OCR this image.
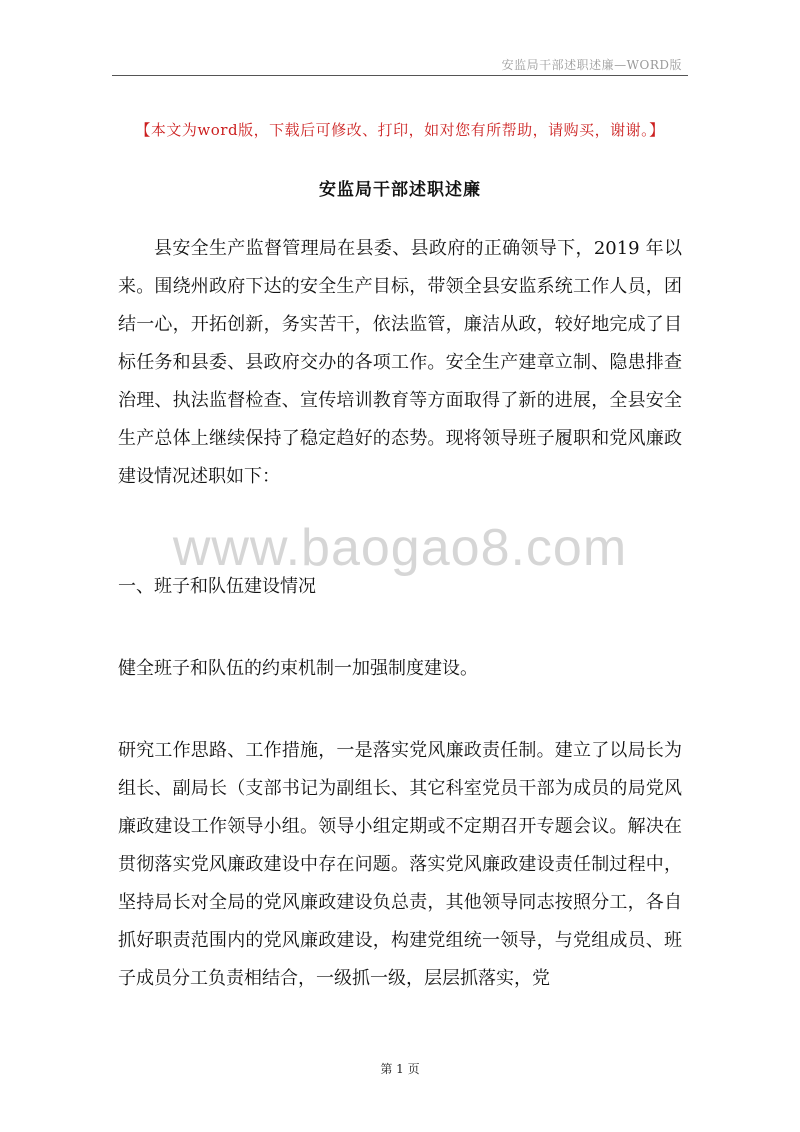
安监局干部述职述廉—WORD版
【本文为word版，下载后可修改、打印，如对您有所帮助，请购买，谢谢。】
安监局干部述职述廉

县安全生产监督管理局在县委、县政府的正确领导下，2019 年以来。围绕州政府下达的安全生产目标，带领全县安监系统工作人员，团结一心，开拓创新，务实苦干，依法监管，廉洁从政，较好地完成了目标任务和县委、县政府交办的各项工作。安全生产建章立制、隐患排查治理、执法监督检查、宣传培训教育等方面取得了新的进展，全县安全生产总体上继续保持了稳定趋好的态势。现将领导班子履职和党风廉政建设情况述职如下：

www.baogao8.com

一、班子和队伍建设情况

健全班子和队伍的约束机制一加强制度建设。

研究工作思路、工作措施，一是落实党风廉政责任制。建立了以局长为组长、副局长（支部书记为副组长、其它科室党员干部为成员的局党风廉政建设工作领导小组。领导小组定期或不定期召开专题会议。解决在贯彻落实党风廉政建设中存在问题。落实党风廉政建设责任制过程中，坚持局长对全局的党风廉政建设负总责，其他领导同志按照分工，各自抓好职责范围内的党风廉政建设，构建党组统一领导，与党组成员、班子成员分工负责相结合，一级抓一级，层层抓落实，党

第 1 页
